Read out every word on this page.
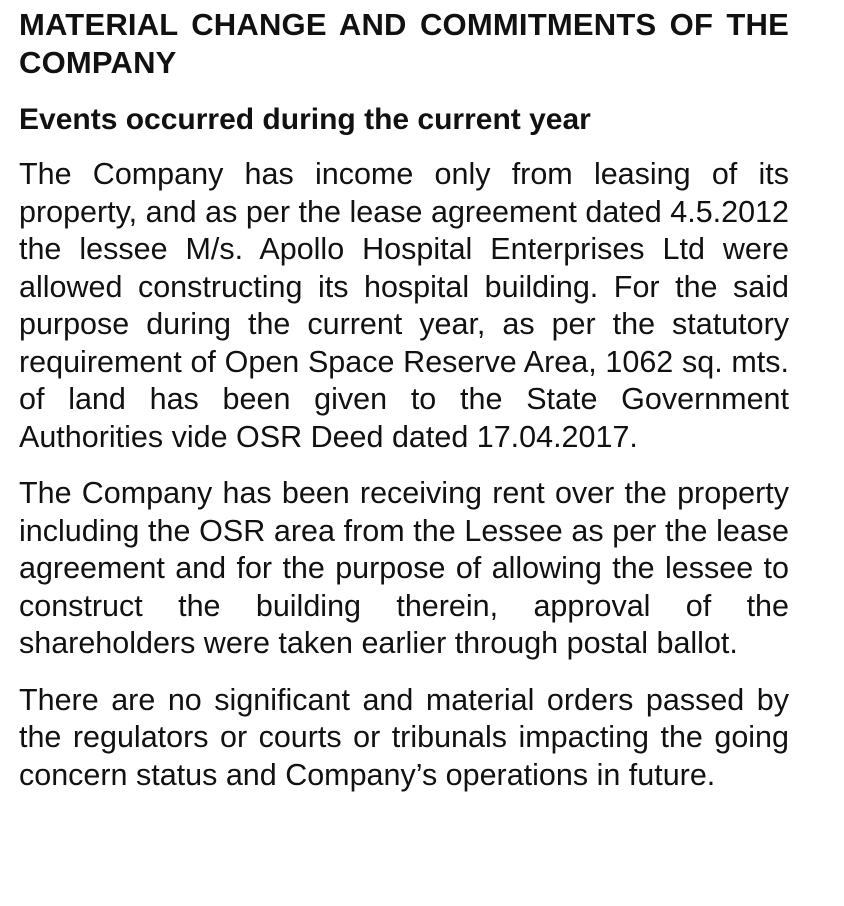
MATERIAL CHANGE AND COMMITMENTS OF THE COMPANY
Events occurred during the current year

The Company has income only from leasing of its property, and as per the lease agreement dated 4.5.2012 the lessee M/s. Apollo Hospital Enterprises Ltd were allowed constructing its hospital building. For the said purpose during the current year, as per the statutory requirement of Open Space Reserve Area, 1062 sq. mts. of land has been given to the State Government Authorities vide OSR Deed dated 17.04.2017.

The Company has been receiving rent over the property including the OSR area from the Lessee as per the lease agreement and for the purpose of allowing the lessee to construct the building therein, approval of the shareholders were taken earlier through postal ballot.

There are no significant and material orders passed by the regulators or courts or tribunals impacting the going concern status and Company’s operations in future.
